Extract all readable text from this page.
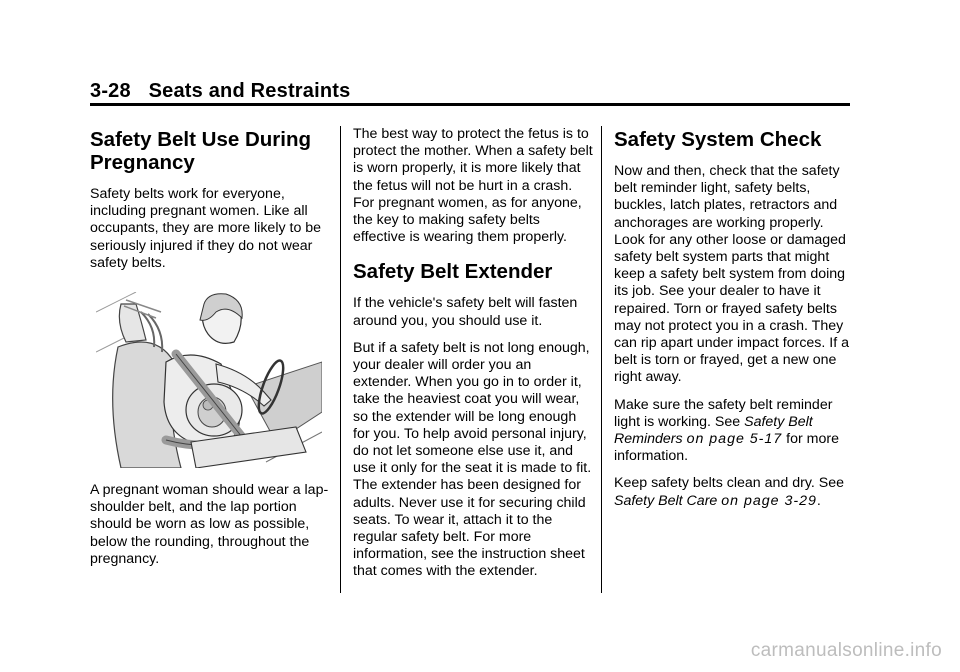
3-28 Seats and Restraints
Safety Belt Use During Pregnancy

Safety belts work for everyone, including pregnant women. Like all occupants, they are more likely to be seriously injured if they do not wear safety belts.

A pregnant woman should wear a lap-shoulder belt, and the lap portion should be worn as low as possible, below the rounding, throughout the pregnancy.

The best way to protect the fetus is to protect the mother. When a safety belt is worn properly, it is more likely that the fetus will not be hurt in a crash. For pregnant women, as for anyone, the key to making safety belts effective is wearing them properly.

Safety Belt Extender

If the vehicle's safety belt will fasten around you, you should use it.

But if a safety belt is not long enough, your dealer will order you an extender. When you go in to order it, take the heaviest coat you will wear, so the extender will be long enough for you. To help avoid personal injury, do not let someone else use it, and use it only for the seat it is made to fit. The extender has been designed for adults. Never use it for securing child seats. To wear it, attach it to the regular safety belt. For more information, see the instruction sheet that comes with the extender.

Safety System Check

Now and then, check that the safety belt reminder light, safety belts, buckles, latch plates, retractors and anchorages are working properly. Look for any other loose or damaged safety belt system parts that might keep a safety belt system from doing its job. See your dealer to have it repaired. Torn or frayed safety belts may not protect you in a crash. They can rip apart under impact forces. If a belt is torn or frayed, get a new one right away.

Make sure the safety belt reminder light is working. See Safety Belt Reminders on page 5-17 for more information.

Keep safety belts clean and dry. See Safety Belt Care on page 3-29.

carmanualsonline.info
